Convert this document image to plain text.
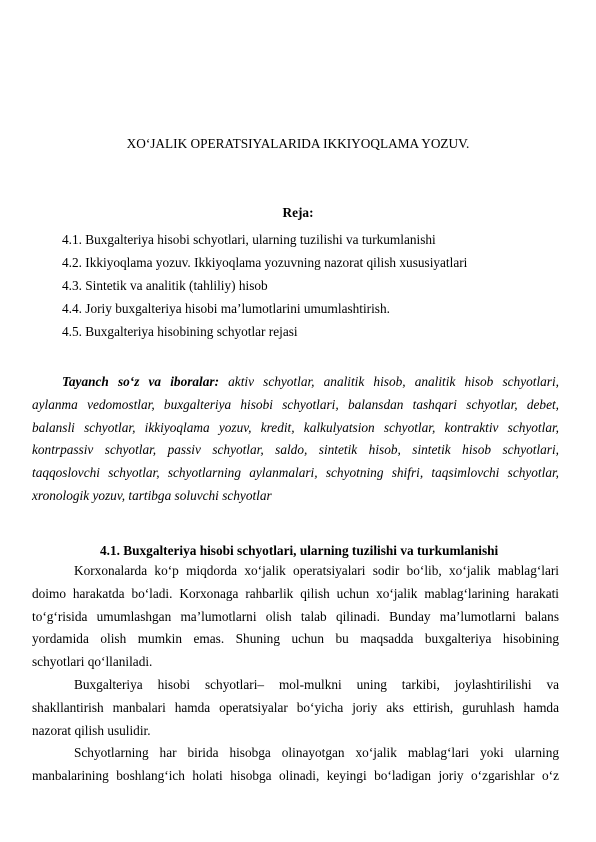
XO‘JALIK OPERATSIYALARIDA IKKIYOQLAMA YOZUV.
Reja:
4.1. Buxgalteriya hisobi schyotlari, ularning tuzilishi va turkumlanishi
4.2. Ikkiyoqlama yozuv. Ikkiyoqlama yozuvning nazorat qilish xususiyatlari
4.3. Sintetik va analitik (tahliliy) hisob
4.4. Joriy buxgalteriya hisobi ma’lumotlarini umumlashtirish.
4.5. Buxgalteriya hisobining schyotlar rejasi
Tayanch so‘z va iboralar: aktiv schyotlar, analitik hisob, analitik hisob schyotlari,
aylanma vedomostlar, buxgalteriya hisobi schyotlari, balansdan tashqari schyotlar, debet,
balansli schyotlar, ikkiyoqlama yozuv, kredit, kalkulyatsion schyotlar, kontraktiv schyotlar,
kontrpassiv schyotlar, passiv schyotlar, saldo, sintetik hisob, sintetik hisob schyotlari,
taqqoslovchi schyotlar, schyotlarning aylanmalari, schyotning shifri, taqsimlovchi schyotlar,
xronologik yozuv, tartibga soluvchi schyotlar
4.1. Buxgalteriya hisobi schyotlari, ularning tuzilishi va turkumlanishi
Korxonalarda ko‘p miqdorda xo‘jalik operatsiyalari sodir bo‘lib, xo‘jalik mablag‘lari
doimo harakatda bo‘ladi. Korxonaga rahbarlik qilish uchun xo‘jalik mablag‘larining harakati
to‘g‘risida umumlashgan ma’lumotlarni olish talab qilinadi. Bunday ma’lumotlarni balans
yordamida olish mumkin emas. Shuning uchun bu maqsadda buxgalteriya hisobining
schyotlari qo‘llaniladi.
Buxgalteriya hisobi schyotlari– mol-mulkni uning tarkibi, joylashtirilishi va
shakllantirish manbalari hamda operatsiyalar bo‘yicha joriy aks ettirish, guruhlash hamda
nazorat qilish usulidir.
Schyotlarning har birida hisobga olinayotgan xo‘jalik mablag‘lari yoki ularning
manbalarining boshlang‘ich holati hisobga olinadi, keyingi bo‘ladigan joriy o‘zgarishlar o‘z
